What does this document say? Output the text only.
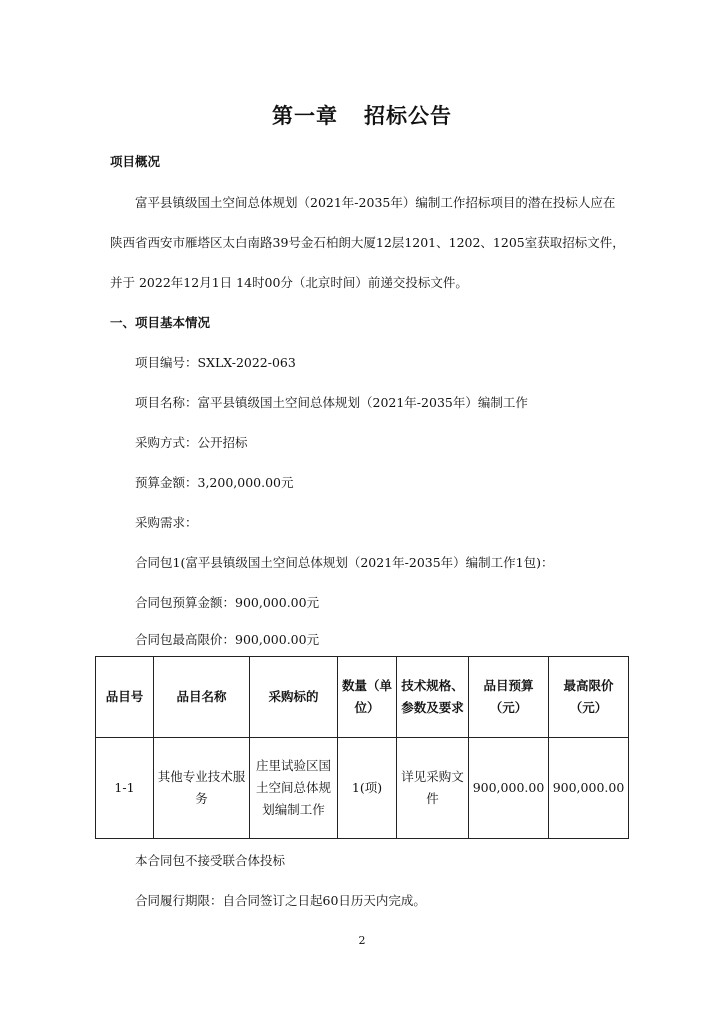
第一章 招标公告
项目概况
富平县镇级国土空间总体规划（2021年-2035年）编制工作招标项目的潜在投标人应在
陕西省西安市雁塔区太白南路39号金石柏朗大厦12层1201、1202、1205室获取招标文件，
并于 2022年12月1日 14时00分（北京时间）前递交投标文件。
一、项目基本情况
项目编号：SXLX-2022-063
项目名称：富平县镇级国土空间总体规划（2021年-2035年）编制工作
采购方式：公开招标
预算金额：3,200,000.00元
采购需求：
合同包1(富平县镇级国土空间总体规划（2021年-2035年）编制工作1包)：
合同包预算金额：900,000.00元
合同包最高限价：900,000.00元
品目号	品目名称	采购标的	数量（单位）	技术规格、参数及要求	品目预算（元）	最高限价（元）
1-1	其他专业技术服务	庄里试验区国土空间总体规划编制工作	1(项)	详见采购文件	900,000.00	900,000.00
本合同包不接受联合体投标
合同履行期限：自合同签订之日起60日历天内完成。
2
